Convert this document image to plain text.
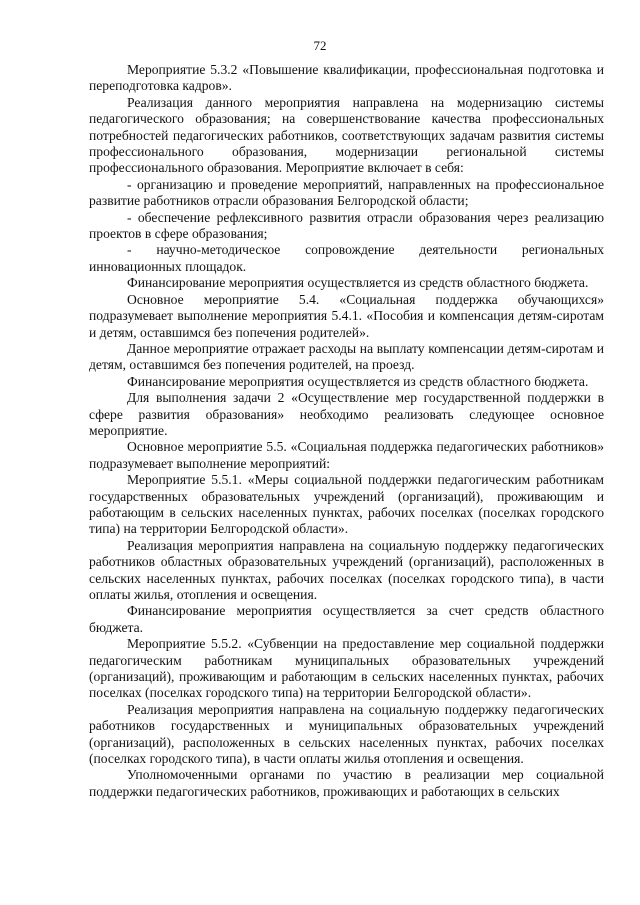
72

Мероприятие 5.3.2 «Повышение квалификации, профессиональная подготовка и переподготовка кадров».

Реализация данного мероприятия направлена на модернизацию системы педагогического образования; на совершенствование качества профессиональных потребностей педагогических работников, соответствующих задачам развития системы профессионального образования, модернизации региональной системы профессионального образования. Мероприятие включает в себя:

- организацию и проведение мероприятий, направленных на профессиональное развитие работников отрасли образования Белгородской области;

- обеспечение рефлексивного развития отрасли образования через реализацию проектов в сфере образования;

- научно-методическое сопровождение деятельности региональных инновационных площадок.

Финансирование мероприятия осуществляется из средств областного бюджета.

Основное мероприятие 5.4. «Социальная поддержка обучающихся» подразумевает выполнение мероприятия 5.4.1. «Пособия и компенсация детям-сиротам и детям, оставшимся без попечения родителей».

Данное мероприятие отражает расходы на выплату компенсации детям-сиротам и детям, оставшимся без попечения родителей, на проезд.

Финансирование мероприятия осуществляется из средств областного бюджета.

Для выполнения задачи 2 «Осуществление мер государственной поддержки в сфере развития образования» необходимо реализовать следующее основное мероприятие.

Основное мероприятие 5.5. «Социальная поддержка педагогических работников» подразумевает выполнение мероприятий:

Мероприятие 5.5.1. «Меры социальной поддержки педагогическим работникам государственных образовательных учреждений (организаций), проживающим и работающим в сельских населенных пунктах, рабочих поселках (поселках городского типа) на территории Белгородской области».

Реализация мероприятия направлена на социальную поддержку педагогических работников областных образовательных учреждений (организаций), расположенных в сельских населенных пунктах, рабочих поселках (поселках городского типа), в части оплаты жилья, отопления и освещения.

Финансирование мероприятия осуществляется за счет средств областного бюджета.

Мероприятие 5.5.2. «Субвенции на предоставление мер социальной поддержки педагогическим работникам муниципальных образовательных учреждений (организаций), проживающим и работающим в сельских населенных пунктах, рабочих поселках (поселках городского типа) на территории Белгородской области».

Реализация мероприятия направлена на социальную поддержку педагогических работников государственных и муниципальных образовательных учреждений (организаций), расположенных в сельских населенных пунктах, рабочих поселках (поселках городского типа), в части оплаты жилья отопления и освещения.

Уполномоченными органами по участию в реализации мер социальной поддержки педагогических работников, проживающих и работающих в сельских
